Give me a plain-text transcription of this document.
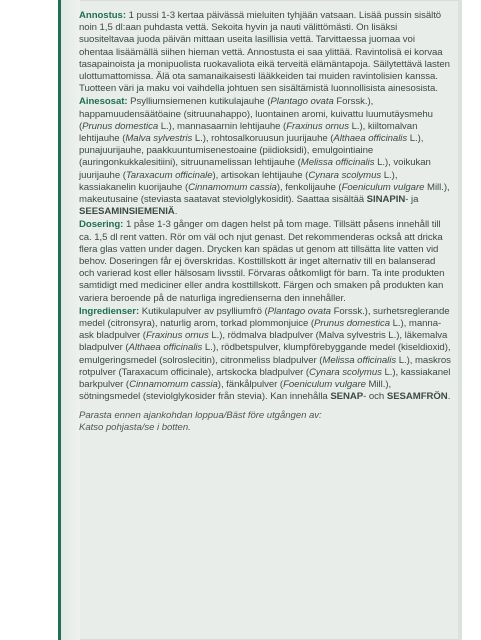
Annostus: 1 pussi 1-3 kertaa päivässä mieluiten tyhjään vatsaan. Lisää pussin sisältö noin 1,5 dl:aan puhdasta vettä. Sekoita hyvin ja nauti välittömästi. On lisäksi suositeltavaa juoda päivän mittaan useita lasillisia vettä. Tarvittaessa juomaa voi ohentaa lisäämällä siihen hieman vettä. Annostusta ei saa ylittää. Ravintolisä ei korvaa tasapainoista ja monipuolista ruokavaliota eikä terveitä elämäntapoja. Säilytettävä lasten ulottumattomissa. Älä ota samanaikaisesti lääkkeiden tai muiden ravintolisien kanssa. Tuotteen väri ja maku voi vaihdella johtuen sen sisältämistä luonnollisista ainesosista.
Ainesosat: Psylliumsiemenen kutikulajauhe (Plantago ovata Forssk.), happamuudensäätöaine (sitruunahappo), luontainen aromi, kuivattu luumutäysmehu (Prunus domestica L.), mannasaarnin lehtijauhe (Fraxinus ornus L.), kiiltomalvan lehtijauhe (Malva sylvestris L.), rohtosalkoruusun juurijauhe (Althaea officinalis L.), punajuurijauhe, paakkuuntumisenestoaine (piidioksidi), emulgointiaine (auringonkukkalesitiini), sitruunamelissan lehtijauhe (Melissa officinalis L.), voikukan juurijauhe (Taraxacum officinale), artisokan lehtijauhe (Cynara scolymus L.), kassiakanelin kuorijauhe (Cinnamomum cassia), fenkolijauhe (Foeniculum vulgare Mill.), makeutusaine (steviasta saatavat steviolglykosidit). Saattaa sisältää SINAPIN- ja SEESAMINSIEMENIÄ.
Dosering: 1 påse 1-3 gånger om dagen helst på tom mage. Tillsätt påsens innehåll till ca. 1,5 dl rent vatten. Rör om väl och njut genast. Det rekommenderas också att dricka flera glas vatten under dagen. Drycken kan spädas ut genom att tillsätta lite vatten vid behov. Doseringen får ej överskridas. Kosttillskott är inget alternativ till en balanserad och varierad kost eller hälsosam livsstil. Förvaras oåtkomligt för barn. Ta inte produkten samtidigt med mediciner eller andra kosttillskott. Färgen och smaken på produkten kan variera beroende på de naturliga ingredienserna den innehåller.
Ingredienser: Kutikulapulver av psylliumfrö (Plantago ovata Forssk.), surhetsreglerande medel (citronsyra), naturlig arom, torkad plommonjuice (Prunus domestica L.), manna-ask bladpulver (Fraxinus ornus L.), rödmalva bladpulver (Malva sylvestris L.), läkemalva bladpulver (Althaea officinalis L.), rödbetspulver, klumpförebyggande medel (kiseldioxid), emulgeringsmedel (solroslecitin), citronmeliss bladpulver (Melissa officinalis L.), maskros rotpulver (Taraxacum officinale), artskocka bladpulver (Cynara scolymus L.), kassiakanel barkpulver (Cinnamomum cassia), fänkålpulver (Foeniculum vulgare Mill.), sötningsmedel (steviolglykosider från stevia). Kan innehålla SENAP- och SESAMFRÖN.
Parasta ennen ajankohdan loppua/Bäst före utgången av:
Katso pohjasta/se i botten.
